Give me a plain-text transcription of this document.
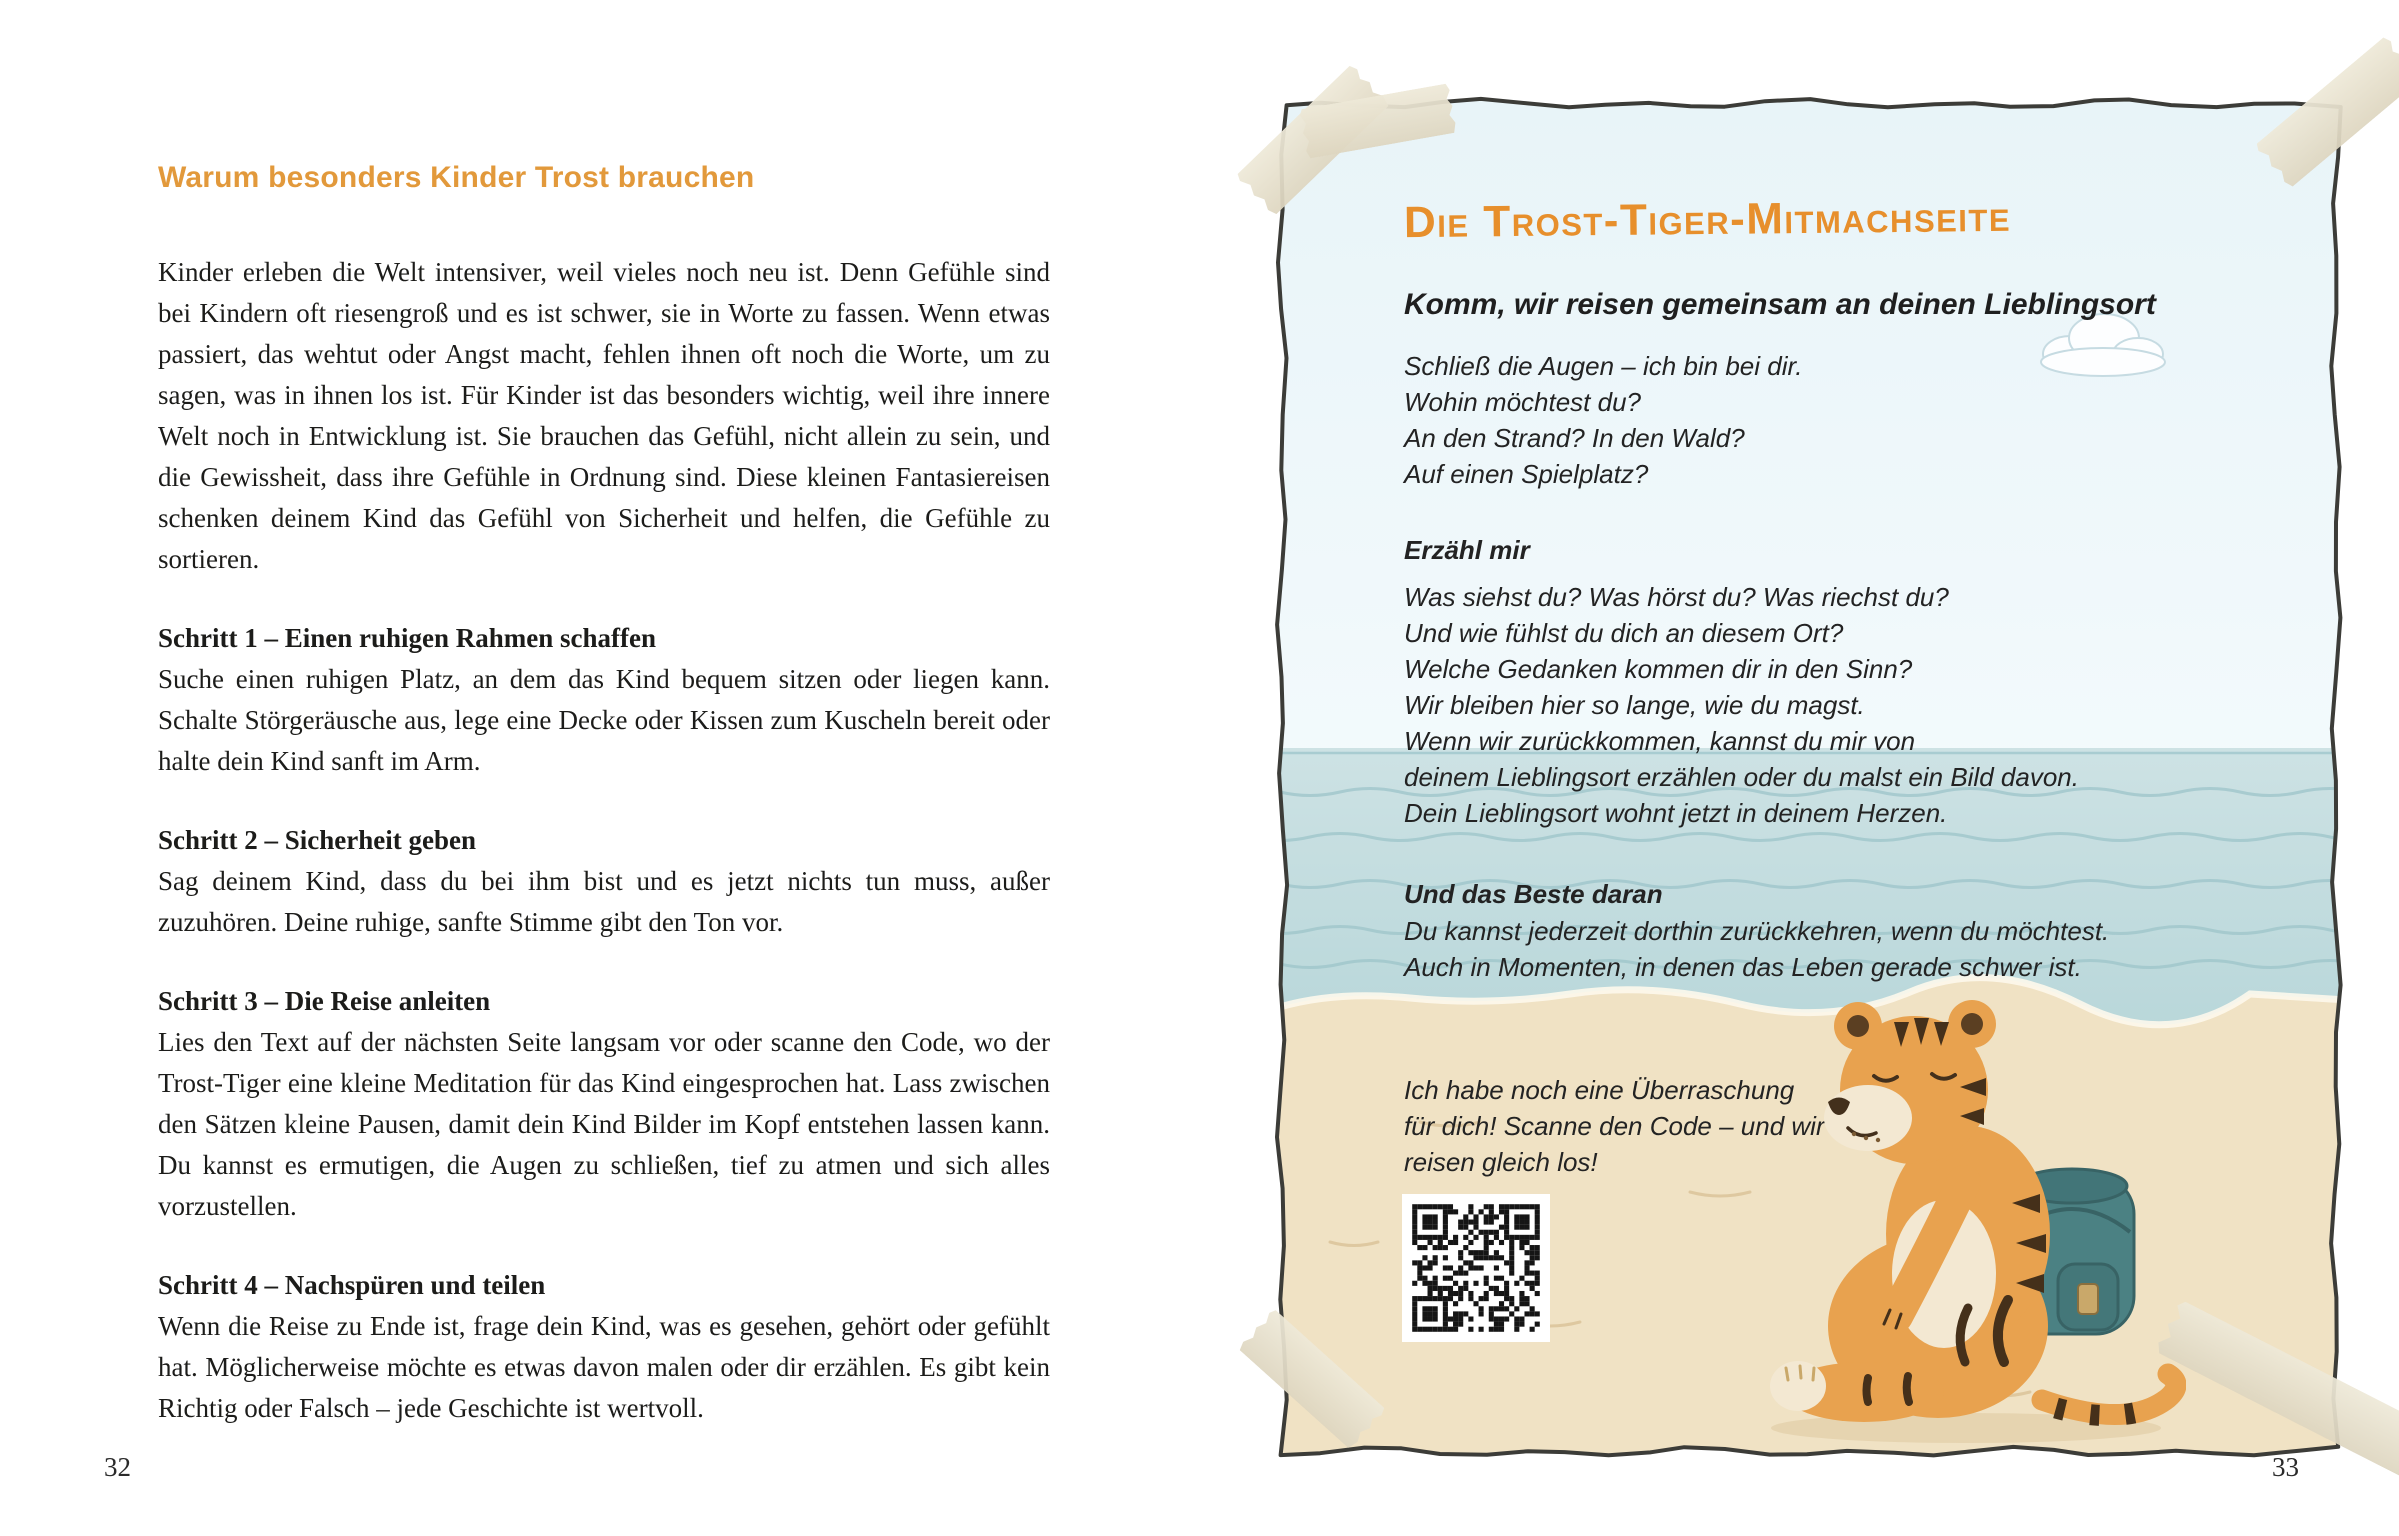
Warum besonders Kinder Trost brauchen

Kinder erleben die Welt intensiver, weil vieles noch neu ist. Denn Gefühle sind bei Kindern oft riesengroß und es ist schwer, sie in Worte zu fassen. Wenn etwas passiert, das wehtut oder Angst macht, fehlen ihnen oft noch die Worte, um zu sagen, was in ihnen los ist. Für Kinder ist das besonders wichtig, weil ihre innere Welt noch in Entwicklung ist. Sie brauchen das Gefühl, nicht allein zu sein, und die Gewissheit, dass ihre Gefühle in Ordnung sind. Diese kleinen Fantasiereisen schenken deinem Kind das Gefühl von Sicherheit und helfen, die Gefühle zu sortieren.

Schritt 1 – Einen ruhigen Rahmen schaffen
Suche einen ruhigen Platz, an dem das Kind bequem sitzen oder liegen kann. Schalte Störgeräusche aus, lege eine Decke oder Kissen zum Kuscheln bereit oder halte dein Kind sanft im Arm.
Schritt 2 – Sicherheit geben
Sag deinem Kind, dass du bei ihm bist und es jetzt nichts tun muss, außer zuzuhören. Deine ruhige, sanfte Stimme gibt den Ton vor.
Schritt 3 – Die Reise anleiten
Lies den Text auf der nächsten Seite langsam vor oder scanne den Code, wo der Trost-Tiger eine kleine Meditation für das Kind eingesprochen hat. Lass zwischen den Sätzen kleine Pausen, damit dein Kind Bilder im Kopf entstehen lassen kann. Du kannst es ermutigen, die Augen zu schließen, tief zu atmen und sich alles vorzustellen.
Schritt 4 – Nachspüren und teilen
Wenn die Reise zu Ende ist, frage dein Kind, was es gesehen, gehört oder gefühlt hat. Möglicherweise möchte es etwas davon malen oder dir erzählen. Es gibt kein Richtig oder Falsch – jede Geschichte ist wertvoll.
Die Trost-Tiger-Mitmachseite
Komm, wir reisen gemeinsam an deinen Lieblingsort
Schließ die Augen – ich bin bei dir.
Wohin möchtest du?
An den Strand? In den Wald?
Auf einen Spielplatz?
Erzähl mir
Was siehst du? Was hörst du? Was riechst du?
Und wie fühlst du dich an diesem Ort?
Welche Gedanken kommen dir in den Sinn?
Wir bleiben hier so lange, wie du magst.
Wenn wir zurückkommen, kannst du mir von
deinem Lieblingsort erzählen oder du malst ein Bild davon.
Dein Lieblingsort wohnt jetzt in deinem Herzen.
Und das Beste daran
Du kannst jederzeit dorthin zurückkehren, wenn du möchtest.
Auch in Momenten, in denen das Leben gerade schwer ist.
Ich habe noch eine Überraschung
für dich! Scanne den Code – und wir
reisen gleich los!
32	33
